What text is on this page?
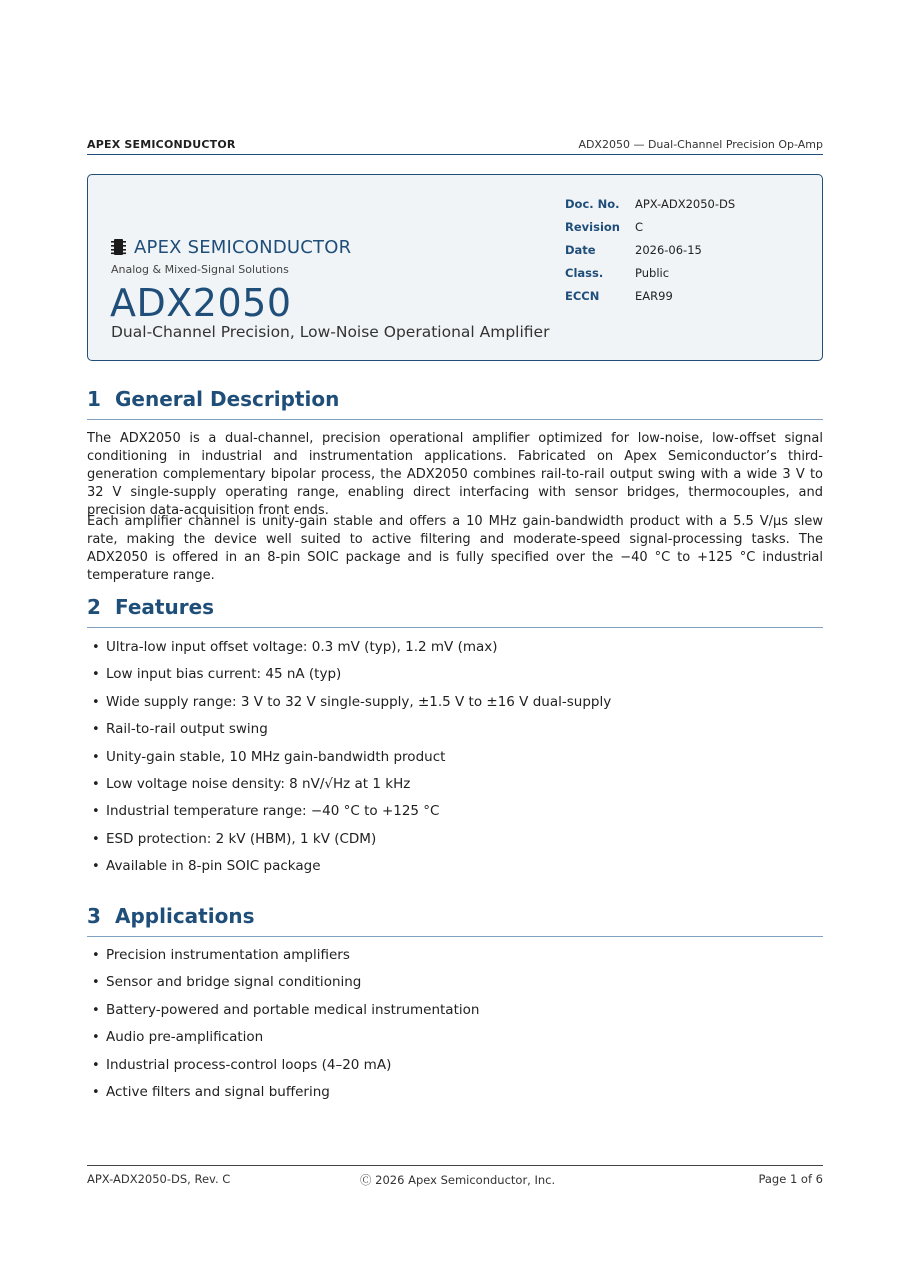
APEX SEMICONDUCTOR	ADX2050 — Dual-Channel Precision Op-Amp
APEX SEMICONDUCTOR
Analog & Mixed-Signal Solutions
ADX2050
Dual-Channel Precision, Low-Noise Operational Amplifier
Doc. No. APX-ADX2050-DS
Revision C
Date	2026-06-15
Class.	Public
ECCN	EAR99
1 General Description

The ADX2050 is a dual-channel, precision operational amplifier optimized for low-noise, low-offset signal conditioning in industrial and instrumentation applications. Fabricated on Apex Semiconductor’s third-generation complementary bipolar process, the ADX2050 combines rail-to-rail output swing with a wide 3 V to 32 V single-supply operating range, enabling direct interfacing with sensor bridges, thermocouples, and precision data-acquisition front ends.

Each amplifier channel is unity-gain stable and offers a 10 MHz gain-bandwidth product with a 5.5 V/µs slew rate, making the device well suited to active filtering and moderate-speed signal-processing tasks. The ADX2050 is offered in an 8-pin SOIC package and is fully specified over the −40 °C to +125 °C industrial temperature range.

2 Features
• Ultra-low input offset voltage: 0.3 mV (typ), 1.2 mV (max)
• Low input bias current: 45 nA (typ)
• Wide supply range: 3 V to 32 V single-supply, ±1.5 V to ±16 V dual-supply
• Rail-to-rail output swing
• Unity-gain stable, 10 MHz gain-bandwidth product
• Low voltage noise density: 8 nV/√Hz at 1 kHz
• Industrial temperature range: −40 °C to +125 °C
• ESD protection: 2 kV (HBM), 1 kV (CDM)
• Available in 8-pin SOIC package
3 Applications
• Precision instrumentation amplifiers
• Sensor and bridge signal conditioning
• Battery-powered and portable medical instrumentation
• Audio pre-amplification
• Industrial process-control loops (4–20 mA)
• Active filters and signal buffering
APX-ADX2050-DS, Rev. C	Ⓒ 2026 Apex Semiconductor, Inc.	Page 1 of 6
